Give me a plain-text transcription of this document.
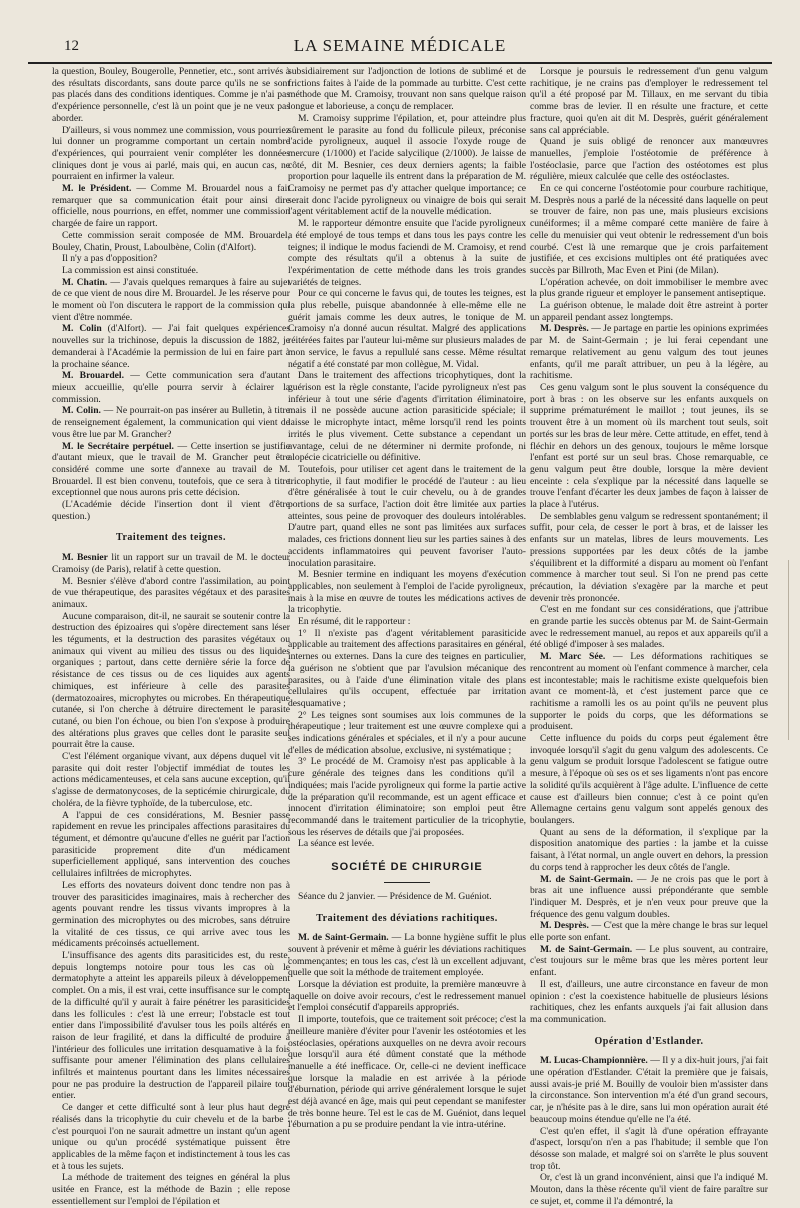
12	LA SEMAINE MÉDICALE

la question, Bouley, Bougerolle, Pennetier, etc., sont arrivés à des résultats discordants, sans doute parce qu'ils ne se sont pas placés dans des conditions identiques. Comme je n'ai pas d'expérience personnelle, c'est là un point que je ne veux pas aborder.

D'ailleurs, si vous nommez une commission, vous pourriez lui donner un programme comportant un certain nombre d'expériences, qui pourraient venir compléter les données cliniques dont je vous ai parlé, mais qui, en aucun cas, ne pourraient en infirmer la valeur.

M. le Président. — Comme M. Brouardel nous a fait remarquer que sa communication était pour ainsi dire officielle, nous pourrions, en effet, nommer une commission chargée de faire un rapport.

Cette commission serait composée de MM. Brouardel, Bouley, Chatin, Proust, Laboulbène, Colin (d'Alfort).

Il n'y a pas d'opposition?

La commission est ainsi constituée.

M. Chatin. — J'avais quelques remarques à faire au sujet de ce que vient de nous dire M. Brouardel. Je les réserve pour le moment où l'on discutera le rapport de la commission qui vient d'être nommée.

M. Colin (d'Alfort). — J'ai fait quelques expériences nouvelles sur la trichinose, depuis la discussion de 1882, je demanderai à l'Académie la permission de lui en faire part à la prochaine séance.

M. Brouardel. — Cette communication sera d'autant mieux accueillie, qu'elle pourra servir à éclairer la commission.

M. Colin. — Ne pourrait-on pas insérer au Bulletin, à titre de renseignement également, la communication qui vient de vous être lue par M. Grancher?

M. le Secrétaire perpétuel. — Cette insertion se justifie d'autant mieux, que le travail de M. Grancher peut être considéré comme une sorte d'annexe au travail de M. Brouardel. Il est bien convenu, toutefois, que ce sera à titre exceptionnel que nous aurons pris cette décision.

(L'Académie décide l'insertion dont il vient d'être question.)

Traitement des teignes.

M. Besnier lit un rapport sur un travail de M. le docteur Cramoisy (de Paris), relatif à cette question.

M. Besnier s'élève d'abord contre l'assimilation, au point de vue thérapeutique, des parasites végétaux et des parasites animaux.

Aucune comparaison, dit-il, ne saurait se soutenir contre la destruction des épizoaires qui s'opère directement sans léser les téguments, et la destruction des parasites végétaux ou animaux qui vivent au milieu des tissus ou des liquides organiques ; partout, dans cette dernière série la force de résistance de ces tissus ou de ces liquides aux agents chimiques, est inférieure à celle des parasites (dermatozoaires, microphytes ou microbes. En thérapeutique cutanée, si l'on cherche à détruire directement le parasite cutané, ou bien l'on échoue, ou bien l'on s'expose à produire des altérations plus graves que celles dont le parasite seul pourrait être la cause.

C'est l'élément organique vivant, aux dépens duquel vit le parasite qui doit rester l'objectif immédiat de toutes les actions médicamenteuses, et cela sans aucune exception, qu'il s'agisse de dermatonycoses, de la septicémie chirurgicale, du choléra, de la fièvre typhoïde, de la tuberculose, etc.

A l'appui de ces considérations, M. Besnier passe rapidement en revue les principales affections parasitaires du tégument, et démontre qu'aucune d'elles ne guérit par l'action parasiticide proprement dite d'un médicament superficiellement appliqué, sans intervention des couches cellulaires infiltrées de microphytes.

Les efforts des novateurs doivent donc tendre non pas à trouver des parasiticides imaginaires, mais à rechercher des agents pouvant rendre les tissus vivants impropres à la germination des microphytes ou des microbes, sans détruire la vitalité de ces tissus, ce qui arrive avec tous les médicaments précoinsés actuellement.

L'insuffisance des agents dits parasiticides est, du reste, depuis longtemps notoire pour tous les cas où le dermatophyte a atteint les appareils pileux à développement complet. On a mis, il est vrai, cette insuffisance sur le compte de la difficulté qu'il y aurait à faire pénétrer les parasiticides dans les follicules : c'est là une erreur; l'obstacle est tout entier dans l'impossibilité d'avulser tous les poils altérés en raison de leur fragilité, et dans la difficulté de produire à l'intérieur des follicules une irritation desquamative à la fois suffisante pour amener l'élimination des plans cellulaires infiltrés et maintenus pourtant dans les limites nécessaires pour ne pas produire la destruction de l'appareil pilaire tout entier.

Ce danger et cette difficulté sont à leur plus haut degré réalisés dans la tricophytie du cuir chevelu et de la barbe : c'est pourquoi l'on ne saurait admettre un instant qu'un agent unique ou qu'un procédé systématique puissent être applicables de la même façon et indistinctement à tous les cas et à tous les sujets.

La méthode de traitement des teignes en général la plus usitée en France, est la méthode de Bazin ; elle repose essentiellement sur l'emploi de l'épilation et

subsidiairement sur l'adjonction de lotions de sublimé et de frictions faites à l'aide de la pommade au turbitte. C'est cette méthode que M. Cramoisy, trouvant non sans quelque raison longue et laborieuse, a conçu de remplacer.

M. Cramoisy supprime l'épilation, et, pour atteindre plus sûrement le parasite au fond du follicule pileux, préconise l'acide pyroligneux, auquel il associe l'oxyde rouge de mercure (1/1000) et l'acide salycilique (2/1000). Je laisse de côté, dit M. Besnier, ces deux derniers agents; la faible proportion pour laquelle ils entrent dans la préparation de M. Cramoisy ne permet pas d'y attacher quelque importance; ce serait donc l'acide pyroligneux ou vinaigre de bois qui serait l'agent véritablement actif de la nouvelle médication.

M. le rapporteur démontre ensuite que l'acide pyroligneux a été employé de tous temps et dans tous les pays contre les teignes; il indique le modus faciendi de M. Cramoisy, et rend compte des résultats qu'il a obtenus à la suite de l'expérimentation de cette méthode dans les trois grandes variétés de teignes.

Pour ce qui concerne le favus qui, de toutes les teignes, est la plus rebelle, puisque abandonnée à elle-même elle ne guérit jamais comme les deux autres, le tonique de M. Cramoisy n'a donné aucun résultat. Malgré des applications réitérées faites par l'auteur lui-même sur plusieurs malades de mon service, le favus a repullulé sans cesse. Même résultat négatif a été constaté par mon collègue, M. Vidal.

Dans le traitement des affections tricophytiques, dont la guérison est la règle constante, l'acide pyroligneux n'est pas inférieur à tout une série d'agents d'irritation éliminatoire, mais il ne possède aucune action parasiticide spéciale; il laisse le microphyte intact, même lorsqu'il rend les points irrités le plus vivement. Cette substance a cependant un avantage, celui de ne déterminer ni dermite profonde, ni alopécie cicatricielle ou définitive.

Toutefois, pour utiliser cet agent dans le traitement de la tricophytie, il faut modifier le procédé de l'auteur : au lieu d'être généralisée à tout le cuir chevelu, ou à de grandes portions de sa surface, l'action doit être limitée aux parties atteintes, sous peine de provoquer des douleurs intolérables. D'autre part, quand elles ne sont pas limitées aux surfaces malades, ces frictions donnent lieu sur les parties saines à des accidents inflammatoires qui peuvent favoriser l'auto-inoculation parasitaire.

M. Besnier termine en indiquant les moyens d'exécution applicables, non seulement à l'emploi de l'acide pyroligneux, mais à la mise en œuvre de toutes les médications actives de la tricophytie.

En résumé, dit le rapporteur :

1° Il n'existe pas d'agent véritablement parasiticide applicable au traitement des affections parasitaires en général, internes ou externes. Dans la cure des teignes en particulier, la guérison ne s'obtient que par l'avulsion mécanique des parasites, ou à l'aide d'une élimination vitale des plans cellulaires qu'ils occupent, effectuée par irritation desquamative ;

2° Les teignes sont soumises aux lois communes de la thérapeutique ; leur traitement est une œuvre complexe qui a ses indications générales et spéciales, et il n'y a pour aucune d'elles de médication absolue, exclusive, ni systématique ;

3° Le procédé de M. Cramoisy n'est pas applicable à la cure générale des teignes dans les conditions qu'il a indiquées; mais l'acide pyroligneux qui forme la partie active de la préparation qu'il recommande, est un agent efficace et innocent d'irritation éliminatoire; son emploi peut être recommandé dans le traitement particulier de la tricophytie, sous les réserves de détails que j'ai proposées.

La séance est levée.

SOCIÉTÉ DE CHIRURGIE

Séance du 2 janvier. — Présidence de M. Guéniot.

Traitement des déviations rachitiques.

M. de Saint-Germain. — La bonne hygiène suffit le plus souvent à prévenir et même à guérir les déviations rachitiques commençantes; en tous les cas, c'est là un excellent adjuvant, quelle que soit la méthode de traitement employée.

Lorsque la déviation est produite, la première manœuvre à laquelle on doive avoir recours, c'est le redressement manuel et l'emploi consécutif d'appareils appropriés.

Il importe, toutefois, que ce traitement soit précoce; c'est la meilleure manière d'éviter pour l'avenir les ostéotomies et les ostéoclasies, opérations auxquelles on ne devra avoir recours que lorsqu'il aura été dûment constaté que la méthode manuelle a été inefficace. Or, celle-ci ne devient inefficace que lorsque la maladie en est arrivée à la période d'éburnation, période qui arrive généralement lorsque le sujet est déjà avancé en âge, mais qui peut cependant se manifester de très bonne heure. Tel est le cas de M. Guéniot, dans lequel l'éburnation a pu se produire pendant la vie intra-utérine.

Lorsque je poursuis le redressement d'un genu valgum rachitique, je ne crains pas d'employer le redressement tel qu'il a été proposé par M. Tillaux, en me servant du tibia comme bras de levier. Il en résulte une fracture, et cette fracture, quoi qu'en ait dit M. Desprès, guérit généralement sans cal appréciable.

Quand je suis obligé de renoncer aux manœuvres manuelles, j'emploie l'ostéotomie de préférence à l'ostéoclasie, parce que l'action des ostéotomes est plus régulière, mieux calculée que celle des ostéoclastes.

En ce qui concerne l'ostéotomie pour courbure rachitique, M. Desprès nous a parlé de la nécessité dans laquelle on peut se trouver de faire, non pas une, mais plusieurs excisions cunéiformes; il a même comparé cette manière de faire à celle du menuisier qui veut obtenir le redressement d'un bois courbé. C'est là une remarque que je crois parfaitement justifiée, et ces excisions multiples ont été pratiquées avec succès par Billroth, Mac Even et Pini (de Milan).

L'opération achevée, on doit immobiliser le membre avec la plus grande rigueur et employer le pansement antiseptique.

La guérison obtenue, le malade doit être astreint à porter un appareil pendant assez longtemps.

M. Desprès. — Je partage en partie les opinions exprimées par M. de Saint-Germain ; je lui ferai cependant une remarque relativement au genu valgum des tout jeunes enfants, qu'il me paraît attribuer, un peu à la légère, au rachitisme.

Ces genu valgum sont le plus souvent la conséquence du port à bras : on les observe sur les enfants auxquels on supprime prématurément le maillot ; tout jeunes, ils se trouvent être à un moment où ils marchent tout seuls, soit portés sur les bras de leur mère. Cette attitude, en effet, tend à fléchir en dehors un des genoux, toujours le même lorsque l'enfant est porté sur un seul bras. Chose remarquable, ce genu valgum peut être double, lorsque la mère devient enceinte : cela s'explique par la nécessité dans laquelle se trouve l'enfant d'écarter les deux jambes de façon à laisser de la place à l'utérus.

De semblables genu valgum se redressent spontanément; il suffit, pour cela, de cesser le port à bras, et de laisser les enfants sur un matelas, libres de leurs mouvements. Les pressions supportées par les deux côtés de la jambe s'équilibrent et la difformité a disparu au moment où l'enfant commence à marcher tout seul. Si l'on ne prend pas cette précaution, la déviation s'exagère par la marche et peut devenir très prononcée.

C'est en me fondant sur ces considérations, que j'attribue en grande partie les succès obtenus par M. de Saint-Germain avec le redressement manuel, au repos et aux appareils qu'il a été obligé d'imposer à ses malades.

M. Marc Sée. — Les déformations rachitiques se rencontrent au moment où l'enfant commence à marcher, cela est incontestable; mais le rachitisme existe quelquefois bien avant ce moment-là, et c'est justement parce que ce rachitisme a ramolli les os au point qu'ils ne peuvent plus supporter le poids du corps, que les déformations se produisent.

Cette influence du poids du corps peut également être invoquée lorsqu'il s'agit du genu valgum des adolescents. Ce genu valgum se produit lorsque l'adolescent se fatigue outre mesure, à l'époque où ses os et ses ligaments n'ont pas encore la solidité qu'ils acquièrent à l'âge adulte. L'influence de cette cause est d'ailleurs bien connue; c'est à ce point qu'en Allemagne certains genu valgum sont appelés genoux des boulangers.

Quant au sens de la déformation, il s'explique par la disposition anatomique des parties : la jambe et la cuisse faisant, à l'état normal, un angle ouvert en dehors, la pression du corps tend à rapprocher les deux côtés de l'angle.

M. de Saint-Germain. — Je ne crois pas que le port à bras ait une influence aussi prépondérante que semble l'indiquer M. Desprès, et je n'en veux pour preuve que la fréquence des genu valgum doubles.

M. Desprès. — C'est que la mère change le bras sur lequel elle porte son enfant.

M. de Saint-Germain. — Le plus souvent, au contraire, c'est toujours sur le même bras que les mères portent leur enfant.

Il est, d'ailleurs, une autre circonstance en faveur de mon opinion : c'est la coexistence habituelle de plusieurs lésions rachitiques, chez les enfants auxquels j'ai fait allusion dans ma communication.

Opération d'Estlander.

M. Lucas-Championnière. — Il y a dix-huit jours, j'ai fait une opération d'Estlander. C'était la première que je faisais, aussi avais-je prié M. Bouilly de vouloir bien m'assister dans la circonstance. Son intervention m'a été d'un grand secours, car, je n'hésite pas à le dire, sans lui mon opération aurait été beaucoup moins étendue qu'elle ne l'a été.

C'est qu'en effet, il s'agit là d'une opération effrayante d'aspect, lorsqu'on n'en a pas l'habitude; il semble que l'on désosse son malade, et malgré soi on s'arrête le plus souvent trop tôt.

Or, c'est là un grand inconvénient, ainsi que l'a indiqué M. Mouton, dans la thèse récente qu'il vient de faire paraître sur ce sujet, et, comme il l'a démontré, la
